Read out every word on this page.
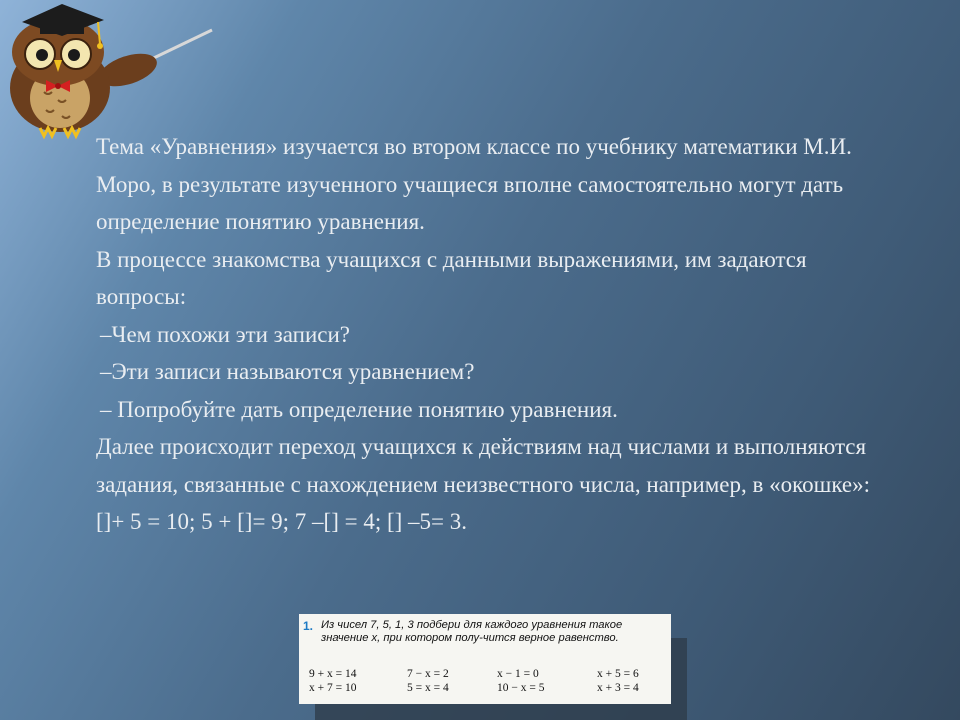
Тема «Уравнения» изучается во втором классе по учебнику математики М.И. Моро, в результате изученного учащиеся вполне самостоятельно могут дать определение понятию уравнения.

В процессе знакомства учащихся с данными выражениями, им задаются вопросы:

–Чем похожи эти записи?

–Эти записи называются уравнением?

– Попробуйте дать определение понятию уравнения.

Далее происходит переход учащихся к действиям над числами и выполняются задания, связанные с нахождением неизвестного числа, например, в «окошке»: []+ 5 = 10; 5 + []= 9; 7 –[] = 4; [] –5= 3.

1. Из чисел 7, 5, 1, 3 подбери для каждого уравнения такое значение x, при котором полу-чится верное равенство.
9 + x = 14	7 − x = 2	x − 1 = 0	x + 5 = 6
x + 7 = 10	5 = x = 4	10 − x = 5	x + 3 = 4
